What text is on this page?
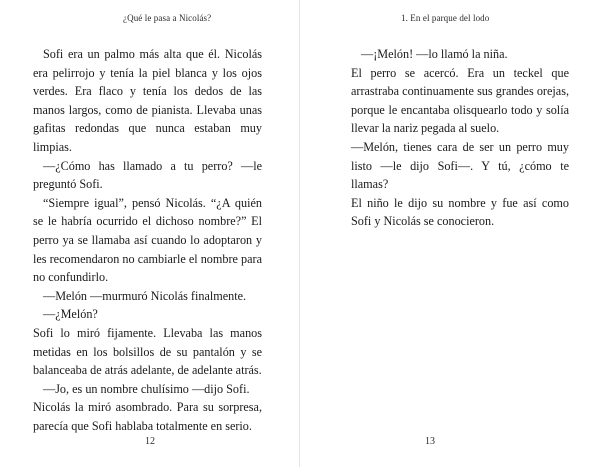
¿Qué le pasa a Nicolás?

Sofi era un palmo más alta que él. Nicolás era pelirrojo y tenía la piel blanca y los ojos verdes. Era flaco y tenía los dedos de las manos largos, como de pianista. Llevaba unas gafitas redondas que nunca estaban muy limpias.

—¿Cómo has llamado a tu perro? —le preguntó Sofi.

“Siempre igual”, pensó Nicolás. “¿A quién se le habría ocurrido el dichoso nombre?” El perro ya se llamaba así cuando lo adoptaron y les recomendaron no cambiarle el nombre para no confundirlo.

—Melón —murmuró Nicolás finalmente.

—¿Melón?

Sofi lo miró fijamente. Llevaba las manos metidas en los bolsillos de su pantalón y se balanceaba de atrás adelante, de adelante atrás.

—Jo, es un nombre chulísimo —dijo Sofi.

Nicolás la miró asombrado. Para su sorpresa, parecía que Sofi hablaba totalmente en serio.

12
1. En el parque del lodo

—¡Melón! —lo llamó la niña.

El perro se acercó. Era un teckel que arrastraba continuamente sus grandes orejas, porque le encantaba olisquearlo todo y solía llevar la nariz pegada al suelo.

—Melón, tienes cara de ser un perro muy listo —le dijo Sofi—. Y tú, ¿cómo te llamas?

El niño le dijo su nombre y fue así como Sofi y Nicolás se conocieron.

13
